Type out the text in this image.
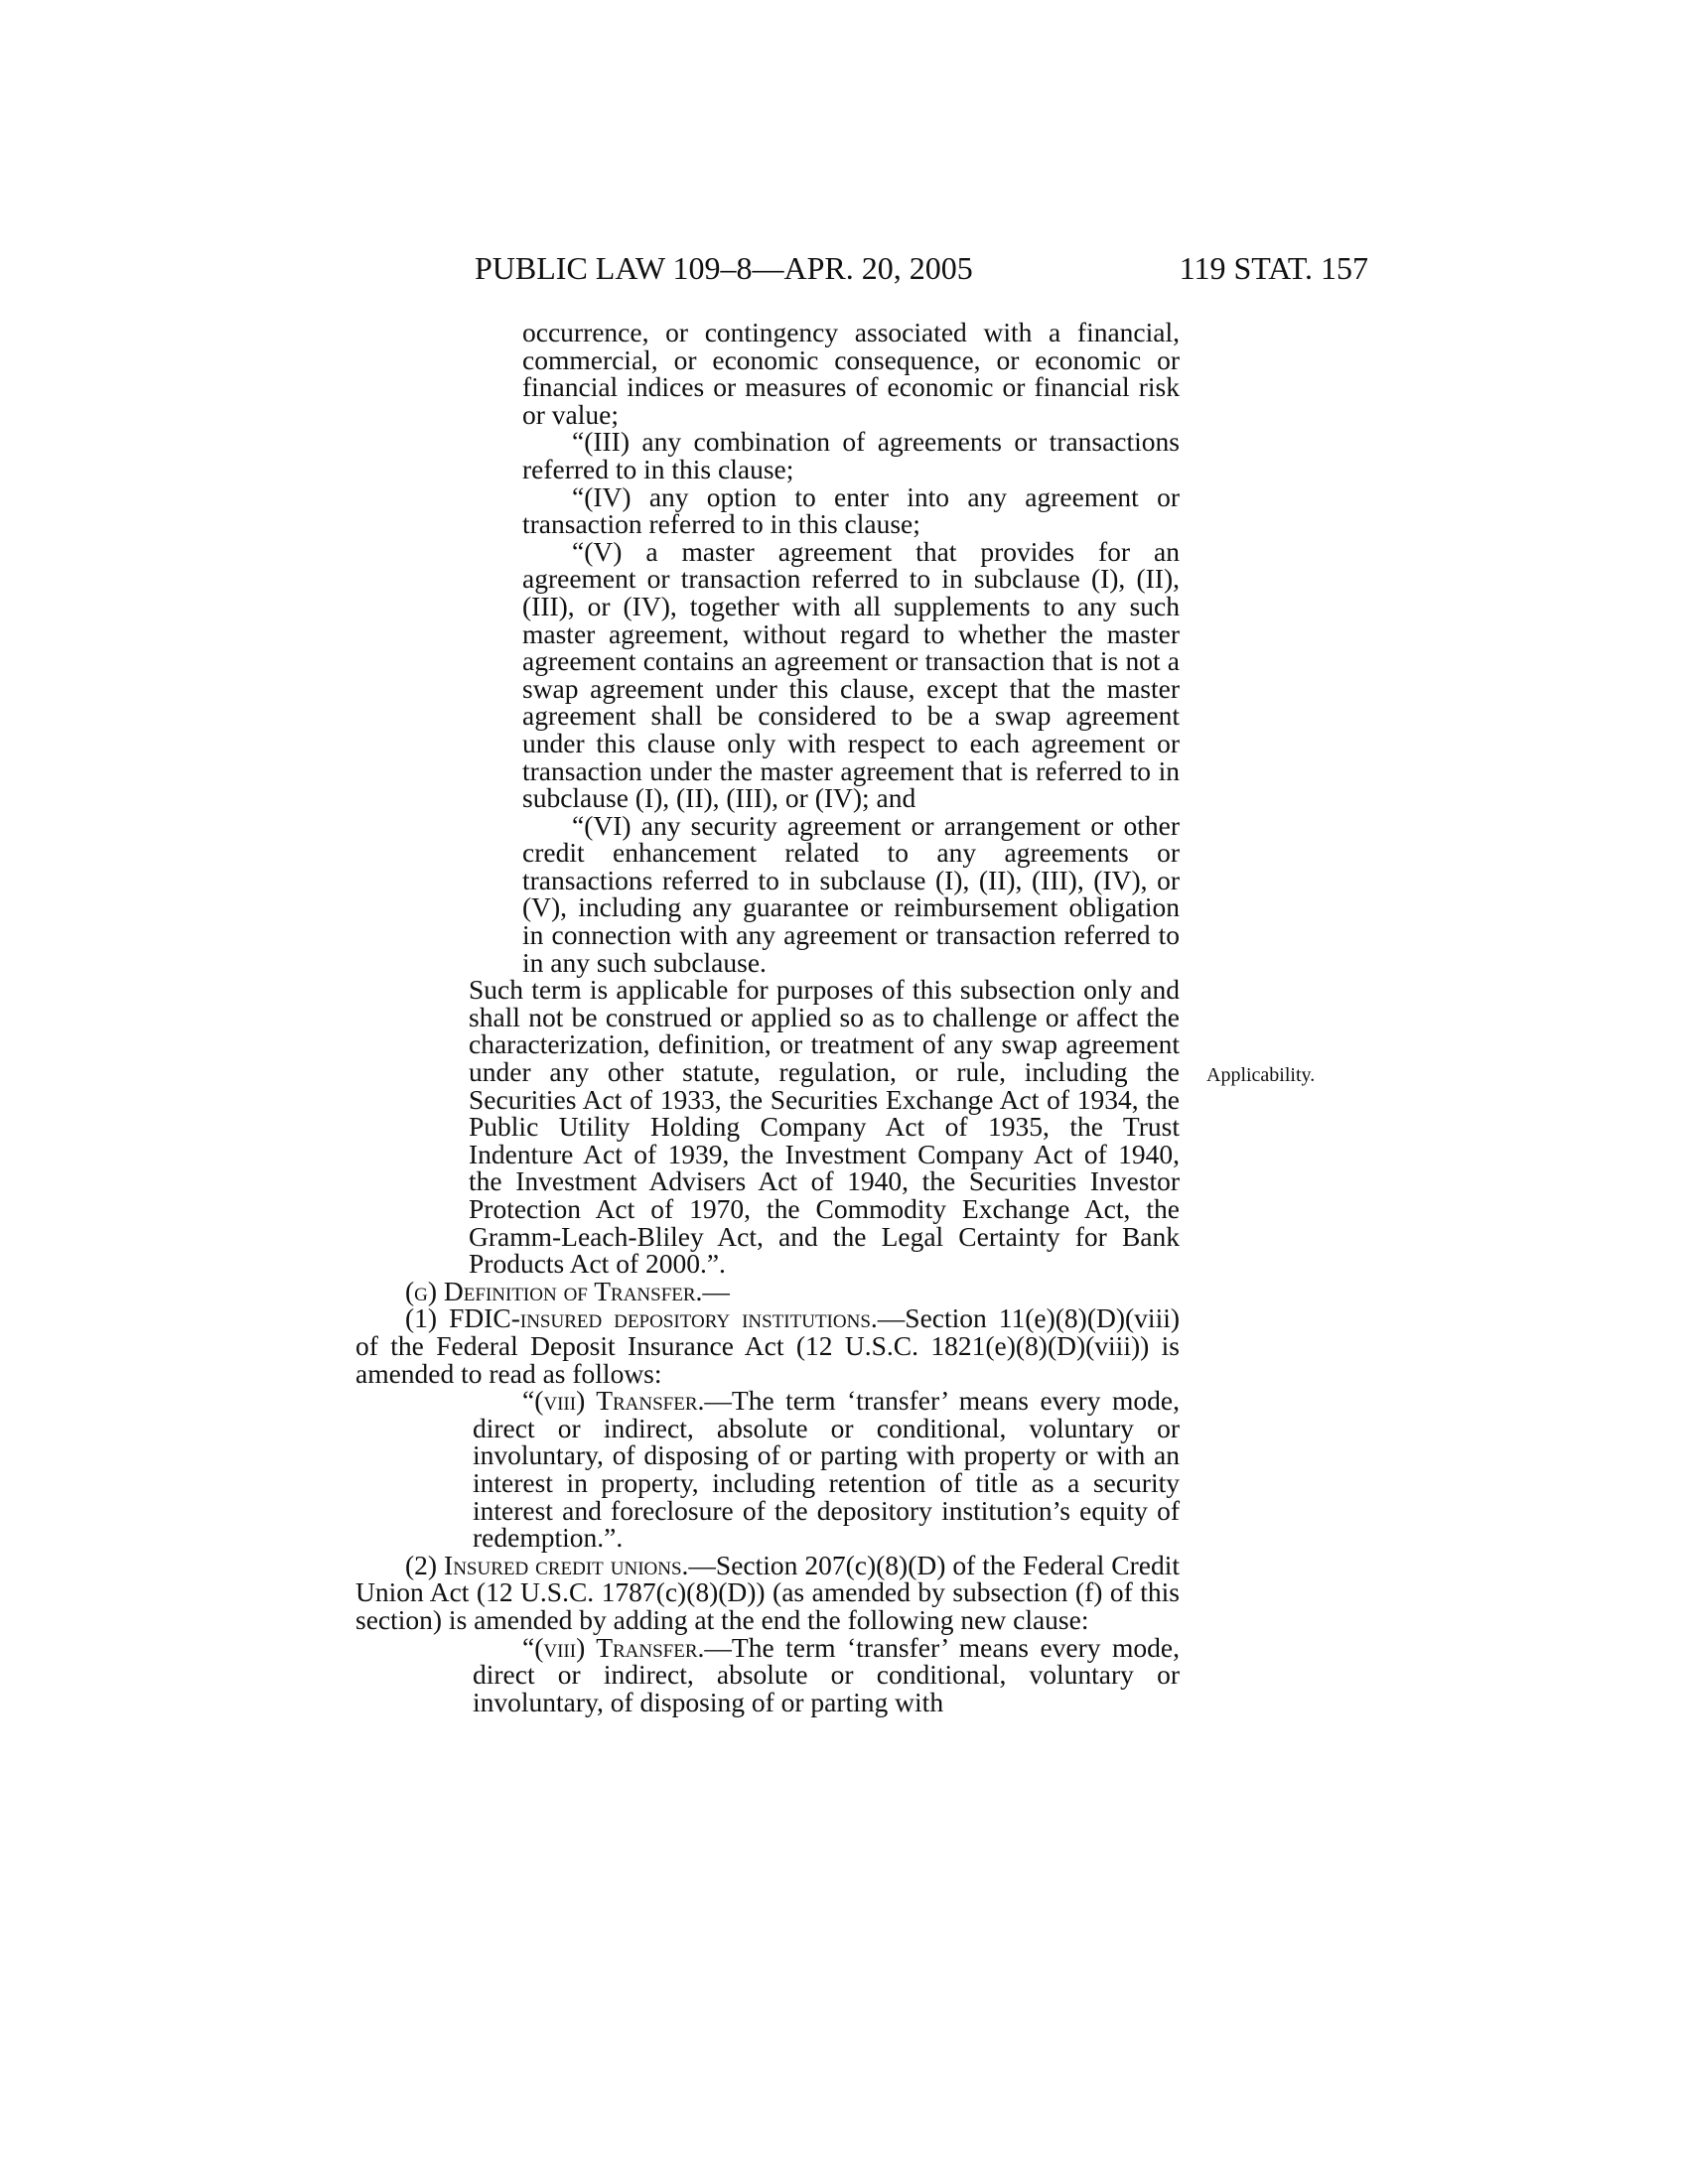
PUBLIC LAW 109–8—APR. 20, 2005	119 STAT. 157
Applicability.

occurrence, or contingency associated with a financial, commercial, or economic consequence, or economic or financial indices or measures of economic or financial risk or value;

“(III) any combination of agreements or transactions referred to in this clause;

“(IV) any option to enter into any agreement or transaction referred to in this clause;

“(V) a master agreement that provides for an agreement or transaction referred to in subclause (I), (II), (III), or (IV), together with all supplements to any such master agreement, without regard to whether the master agreement contains an agreement or transaction that is not a swap agreement under this clause, except that the master agreement shall be considered to be a swap agreement under this clause only with respect to each agreement or transaction under the master agreement that is referred to in subclause (I), (II), (III), or (IV); and

“(VI) any security agreement or arrangement or other credit enhancement related to any agreements or transactions referred to in subclause (I), (II), (III), (IV), or (V), including any guarantee or reimbursement obligation in connection with any agreement or transaction referred to in any such subclause.

Such term is applicable for purposes of this subsection only and shall not be construed or applied so as to challenge or affect the characterization, definition, or treatment of any swap agreement under any other statute, regulation, or rule, including the Securities Act of 1933, the Securities Exchange Act of 1934, the Public Utility Holding Company Act of 1935, the Trust Indenture Act of 1939, the Investment Company Act of 1940, the Investment Advisers Act of 1940, the Securities Investor Protection Act of 1970, the Commodity Exchange Act, the Gramm-Leach-Bliley Act, and the Legal Certainty for Bank Products Act of 2000.”.

(g) Definition of Transfer.—

(1) FDIC-insured depository institutions.—Section 11(e)(8)(D)(viii) of the Federal Deposit Insurance Act (12 U.S.C. 1821(e)(8)(D)(viii)) is amended to read as follows:

“(viii) Transfer.—The term ‘transfer’ means every mode, direct or indirect, absolute or conditional, voluntary or involuntary, of disposing of or parting with property or with an interest in property, including retention of title as a security interest and foreclosure of the depository institution’s equity of redemption.”.

(2) Insured credit unions.—Section 207(c)(8)(D) of the Federal Credit Union Act (12 U.S.C. 1787(c)(8)(D)) (as amended by subsection (f) of this section) is amended by adding at the end the following new clause:

“(viii) Transfer.—The term ‘transfer’ means every mode, direct or indirect, absolute or conditional, voluntary or involuntary, of disposing of or parting with
